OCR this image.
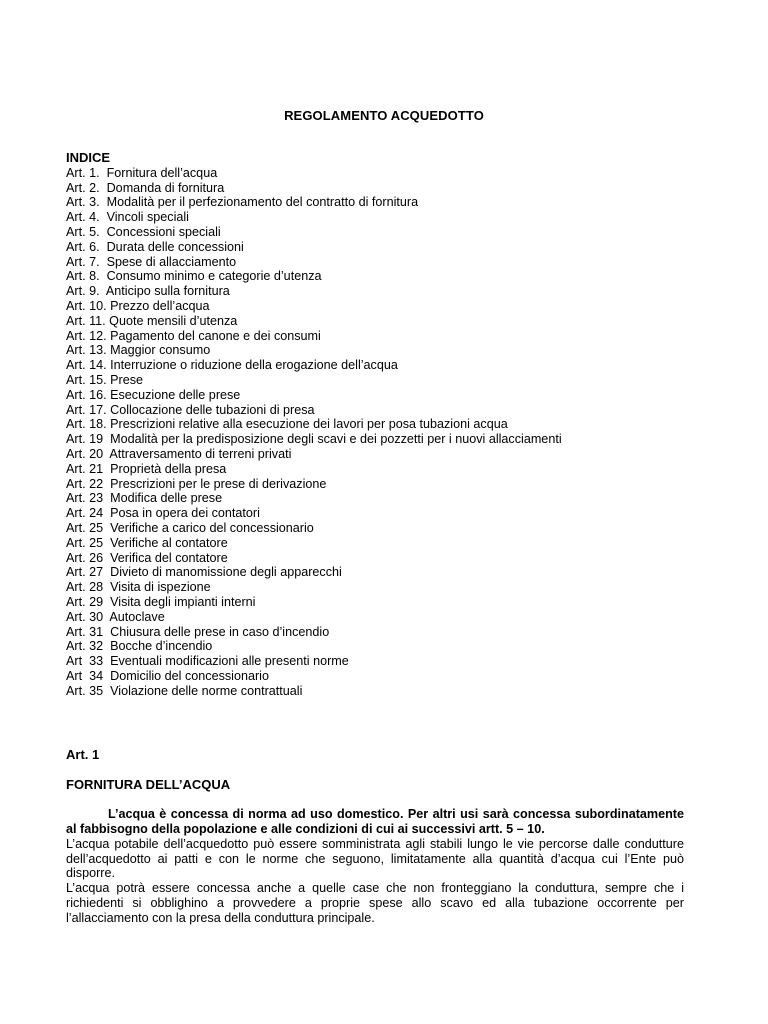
REGOLAMENTO ACQUEDOTTO
INDICE
Art. 1.  Fornitura dell’acqua
Art. 2.  Domanda di fornitura
Art. 3.  Modalità per il perfezionamento del contratto di fornitura
Art. 4.  Vincoli speciali
Art. 5.  Concessioni speciali
Art. 6.  Durata delle concessioni
Art. 7.  Spese di allacciamento
Art. 8.  Consumo minimo e categorie d’utenza
Art. 9.  Anticipo sulla fornitura
Art. 10. Prezzo dell’acqua
Art. 11. Quote mensili d’utenza
Art. 12. Pagamento del canone e dei consumi
Art. 13. Maggior consumo
Art. 14. Interruzione o riduzione della erogazione dell’acqua
Art. 15. Prese
Art. 16. Esecuzione delle prese
Art. 17. Collocazione delle tubazioni di presa
Art. 18. Prescrizioni relative alla esecuzione dei lavori per posa tubazioni acqua
Art. 19  Modalità per la predisposizione degli scavi e dei pozzetti per i nuovi allacciamenti
Art. 20  Attraversamento di terreni privati
Art. 21  Proprietà della presa
Art. 22  Prescrizioni per le prese di derivazione
Art. 23  Modifica delle prese
Art. 24  Posa in opera dei contatori
Art. 25  Verifiche a carico del concessionario
Art. 25  Verifiche al contatore
Art. 26  Verifica del contatore
Art. 27  Divieto di manomissione degli apparecchi
Art. 28  Visita di ispezione
Art. 29  Visita degli impianti interni
Art. 30  Autoclave
Art. 31  Chiusura delle prese in caso d’incendio
Art. 32  Bocche d’incendio
Art  33  Eventuali modificazioni alle presenti norme
Art  34  Domicilio del concessionario
Art. 35  Violazione delle norme contrattuali
Art. 1
FORNITURA DELL’ACQUA

L’acqua è concessa di norma ad uso domestico. Per altri usi sarà concessa subordinatamente al fabbisogno della popolazione e alle condizioni di cui ai successivi artt. 5 – 10.

L’acqua potabile dell’acquedotto può essere somministrata agli stabili lungo le vie percorse dalle condutture dell’acquedotto ai patti e con le norme che seguono, limitatamente alla quantità d’acqua cui l’Ente può disporre.

L’acqua potrà essere concessa anche a quelle case che non fronteggiano la conduttura, sempre che i richiedenti si obblighino a provvedere a proprie spese allo scavo ed alla tubazione occorrente per l’allacciamento con la presa della conduttura principale.
